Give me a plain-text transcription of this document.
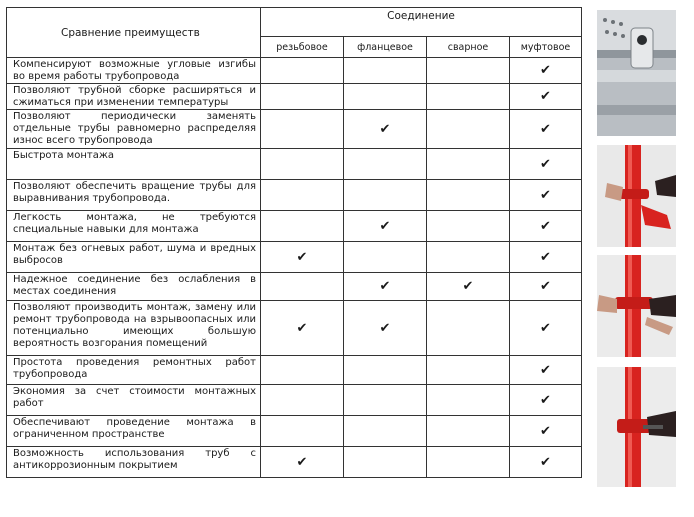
Сравнение преимуществ	Соединение			
	резьбовое	фланцевое	сварное	муфтовое
Компенсируют возможные угловые изгибы во время работы трубопровода				✔
Позволяют трубной сборке расширяться и сжиматься при изменении температуры				✔
Позволяют периодически заменять отдельные трубы равномерно распределяя износ всего трубопровода		✔		✔
Быстрота монтажа				✔
Позволяют обеспечить вращение трубы для выравнивания трубопровода.				✔
Легкость монтажа, не требуются специальные навыки для монтажа		✔		✔
Монтаж без огневых работ, шума и вредных выбросов	✔			✔
Надежное соединение без ослабления в местах соединения		✔	✔	✔
Позволяют производить монтаж, замену или ремонт трубопровода на взрывоопасных или потенциально имеющих большую вероятность возгорания помещений	✔	✔		✔
Простота проведения ремонтных работ трубопровода				✔
Экономия за счет стоимости монтажных работ				✔
Обеспечивают проведение монтажа в ограниченном пространстве				✔
Возможность использования труб с антикоррозионным покрытием	✔			✔
